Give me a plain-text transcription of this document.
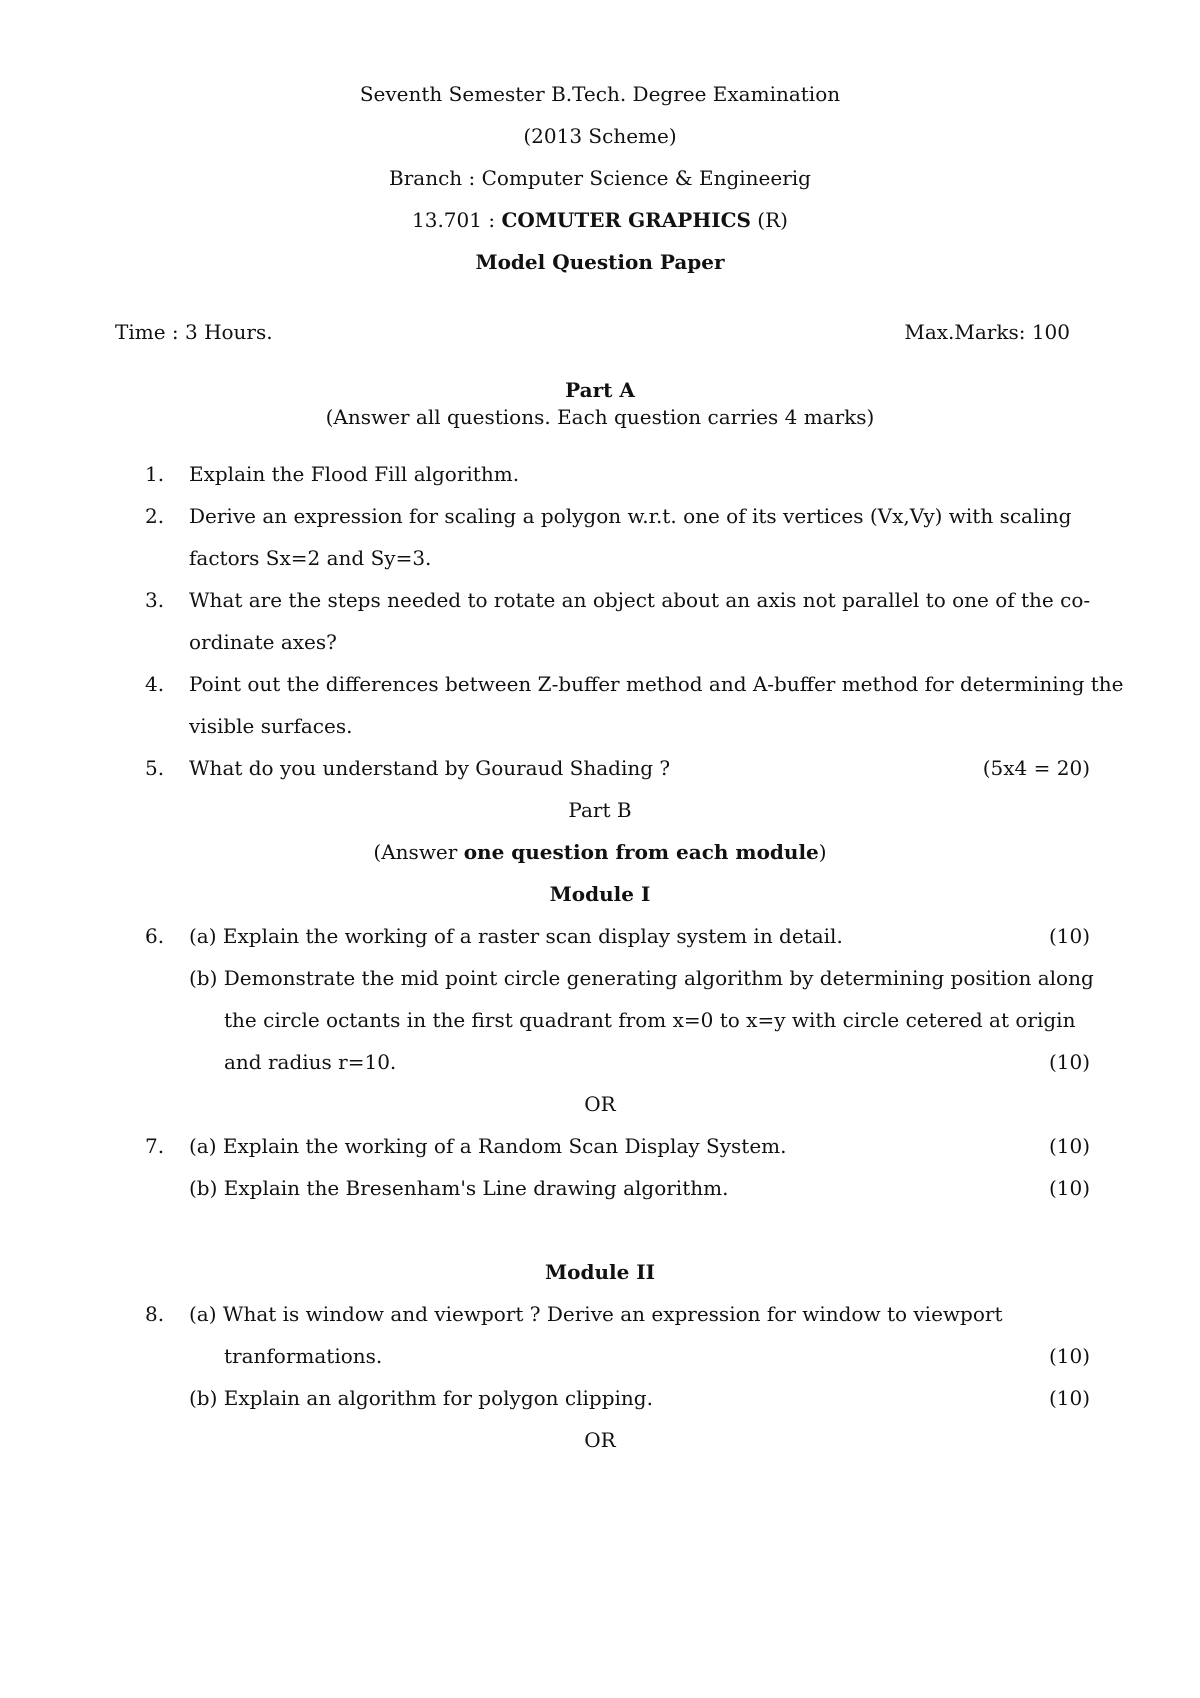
Seventh Semester B.Tech. Degree Examination
(2013 Scheme)
Branch : Computer Science & Engineerig
13.701 : COMUTER GRAPHICS (R)
Model Question Paper
Time : 3 Hours.	Max.Marks: 100
Part A
(Answer all questions. Each question carries 4 marks)
1.	Explain the Flood Fill algorithm.
2.	Derive an expression for scaling a polygon w.r.t. one of its vertices (Vx,Vy) with scaling
factors Sx=2 and Sy=3.
3.	What are the steps needed to rotate an object about an axis not parallel to one of the co-
ordinate axes?
4.	Point out the differences between Z-buffer method and A-buffer method for determining the
visible surfaces.
5.	What do you understand by Gouraud Shading ?	(5x4 = 20)
Part B
(Answer one question from each module)
Module I
6.	(a) Explain the working of a raster scan display system in detail.	(10)
(b) Demonstrate the mid point circle generating algorithm by determining position along
the circle octants in the first quadrant from x=0 to x=y with circle cetered at origin
and radius r=10.	(10)
OR
7.	(a) Explain the working of a Random Scan Display System.	(10)
(b) Explain the Bresenham's Line drawing algorithm.	(10)
Module II
8.	(a) What is window and viewport ? Derive an expression for window to viewport
tranformations.	(10)
(b) Explain an algorithm for polygon clipping.	(10)
OR
